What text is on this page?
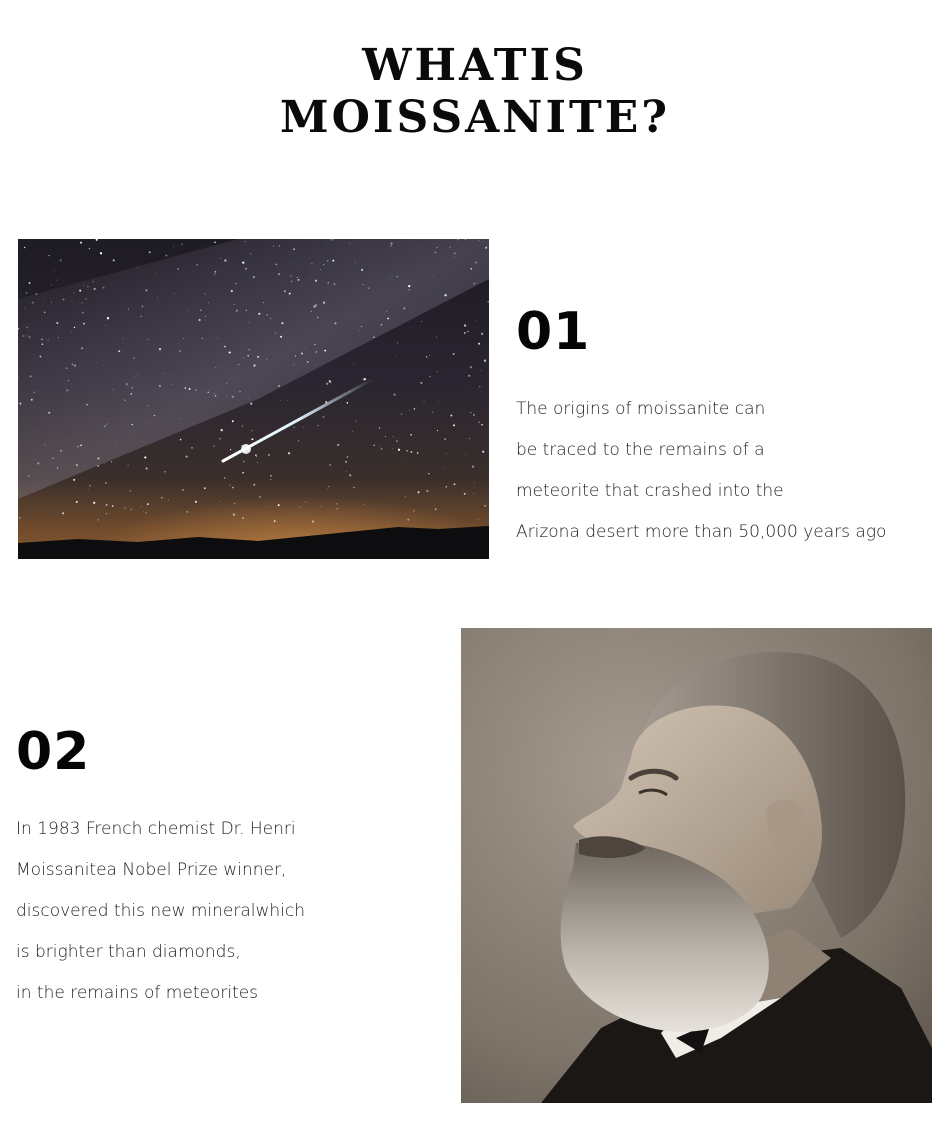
WHATIS
MOISSANITE?
01
The origins of moissanite can
be traced to the remains of a
meteorite that crashed into the
Arizona desert more than 50,000 years ago
02
In 1983 French chemist Dr. Henri
Moissanitea Nobel Prize winner,
discovered this new mineralwhich
is brighter than diamonds,
in the remains of meteorites
